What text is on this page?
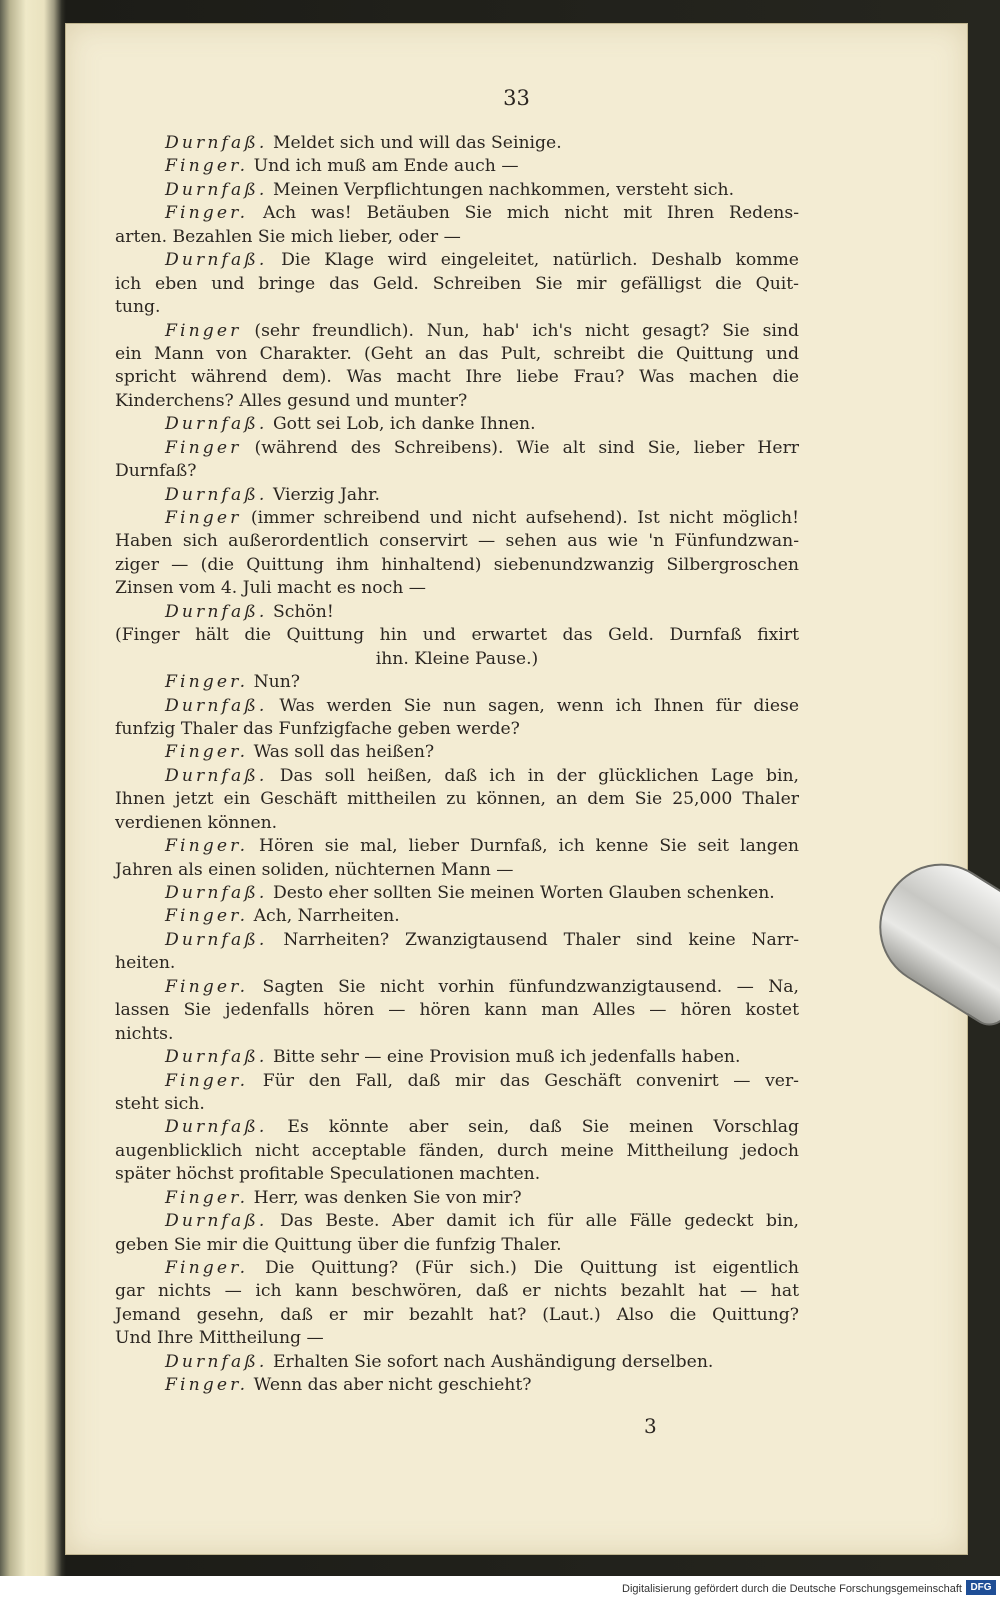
33
Durnfaß. Meldet sich und will das Seinige.
Finger. Und ich muß am Ende auch —
Durnfaß. Meinen Verpflichtungen nachkommen, versteht sich.
Finger. Ach was! Betäuben Sie mich nicht mit Ihren Redens-
arten. Bezahlen Sie mich lieber, oder —
Durnfaß. Die Klage wird eingeleitet, natürlich. Deshalb komme
ich eben und bringe das Geld. Schreiben Sie mir gefälligst die Quit-
tung.
Finger (sehr freundlich). Nun, hab' ich's nicht gesagt? Sie sind
ein Mann von Charakter. (Geht an das Pult, schreibt die Quittung und
spricht während dem). Was macht Ihre liebe Frau? Was machen die
Kinderchens? Alles gesund und munter?
Durnfaß. Gott sei Lob, ich danke Ihnen.
Finger (während des Schreibens). Wie alt sind Sie, lieber Herr
Durnfaß?
Durnfaß. Vierzig Jahr.
Finger (immer schreibend und nicht aufsehend). Ist nicht möglich!
Haben sich außerordentlich conservirt — sehen aus wie 'n Fünfundzwan-
ziger — (die Quittung ihm hinhaltend) siebenundzwanzig Silbergroschen
Zinsen vom 4. Juli macht es noch —
Durnfaß. Schön!
(Finger hält die Quittung hin und erwartet das Geld. Durnfaß fixirt
ihn. Kleine Pause.)
Finger. Nun?
Durnfaß. Was werden Sie nun sagen, wenn ich Ihnen für diese
funfzig Thaler das Funfzigfache geben werde?
Finger. Was soll das heißen?
Durnfaß. Das soll heißen, daß ich in der glücklichen Lage bin,
Ihnen jetzt ein Geschäft mittheilen zu können, an dem Sie 25,000 Thaler
verdienen können.
Finger. Hören sie mal, lieber Durnfaß, ich kenne Sie seit langen
Jahren als einen soliden, nüchternen Mann —
Durnfaß. Desto eher sollten Sie meinen Worten Glauben schenken.
Finger. Ach, Narrheiten.
Durnfaß. Narrheiten? Zwanzigtausend Thaler sind keine Narr-
heiten.
Finger. Sagten Sie nicht vorhin fünfundzwanzigtausend. — Na,
lassen Sie jedenfalls hören — hören kann man Alles — hören kostet
nichts.
Durnfaß. Bitte sehr — eine Provision muß ich jedenfalls haben.
Finger. Für den Fall, daß mir das Geschäft convenirt — ver-
steht sich.
Durnfaß. Es könnte aber sein, daß Sie meinen Vorschlag
augenblicklich nicht acceptable fänden, durch meine Mittheilung jedoch
später höchst profitable Speculationen machten.
Finger. Herr, was denken Sie von mir?
Durnfaß. Das Beste. Aber damit ich für alle Fälle gedeckt bin,
geben Sie mir die Quittung über die funfzig Thaler.
Finger. Die Quittung? (Für sich.) Die Quittung ist eigentlich
gar nichts — ich kann beschwören, daß er nichts bezahlt hat — hat
Jemand gesehn, daß er mir bezahlt hat? (Laut.) Also die Quittung?
Und Ihre Mittheilung —
Durnfaß. Erhalten Sie sofort nach Aushändigung derselben.
Finger. Wenn das aber nicht geschieht?
3
Digitalisierung gefördert durch die Deutsche Forschungsgemeinschaft DFG
